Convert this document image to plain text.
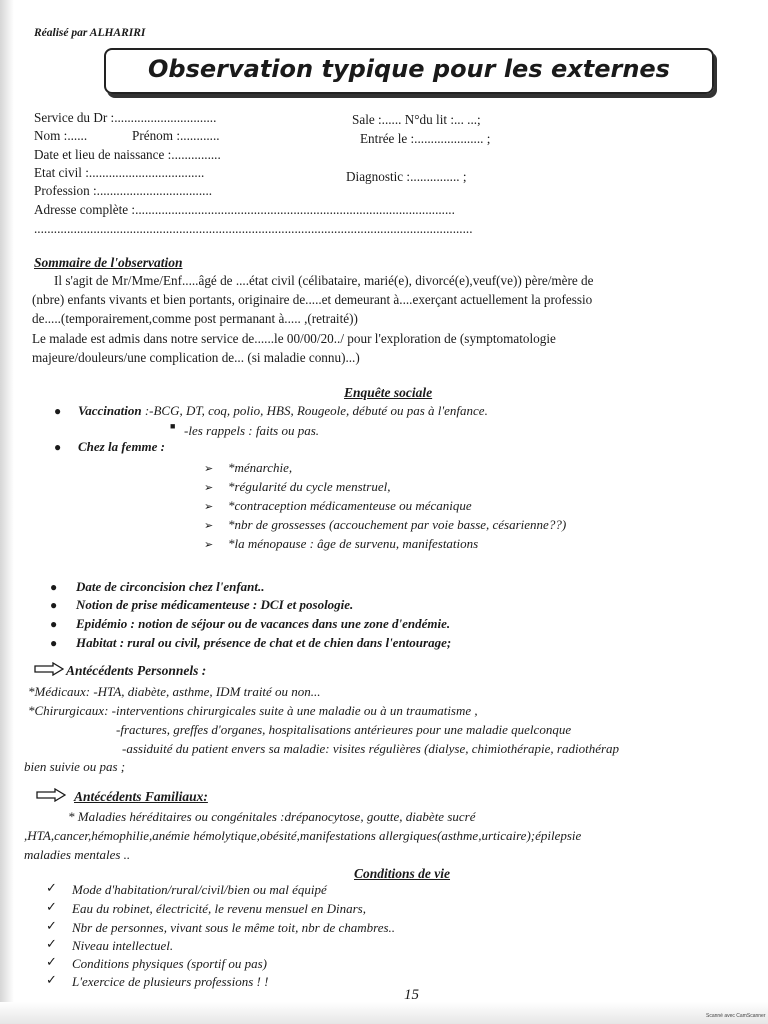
Réalisé par ALHARIRI
Observation typique pour les externes
Service du Dr :...............................	Sale :...... N°du lit :... ...;
Nom :......	Prénom :............	Entrée le :..................... ;
Date et lieu de naissance :...............
Etat civil :...................................	Diagnostic :............... ;
Profession :...................................
Adresse complète :.................................................................................................
.....................................................................................................................................
Sommaire de l'observation
Il s'agit de Mr/Mme/Enf.....âgé de ....état civil (célibataire, marié(e), divorcé(e),veuf(ve)) père/mère de
(nbre) enfants vivants et bien portants, originaire de.....et demeurant à....exerçant actuellement la professio
de.....(temporairement,comme post permanant à..... ,(retraité))
Le malade est admis dans notre service de......le 00/00/20../ pour l'exploration de (symptomatologie
majeure/douleurs/une complication de... (si maladie connu)...)
Enquête sociale
● Vaccination :-BCG, DT, coq, polio, HBS, Rougeole, débuté ou pas à l'enfance.
■ -les rappels : faits ou pas.
● Chez la femme :
➢ *ménarchie,
➢ *régularité du cycle menstruel,
➢ *contraception médicamenteuse ou mécanique
➢ *nbr de grossesses (accouchement par voie basse, césarienne??)
➢ *la ménopause : âge de survenu, manifestations
● Date de circoncision chez l'enfant..
● Notion de prise médicamenteuse : DCI et posologie.
● Epidémio : notion de séjour ou de vacances dans une zone d'endémie.
● Habitat : rural ou civil, présence de chat et de chien dans l'entourage;
Antécédents Personnels :
*Médicaux: -HTA, diabète, asthme, IDM traité ou non...
*Chirurgicaux: -interventions chirurgicales suite à une maladie ou à un traumatisme ,
-fractures, greffes d'organes, hospitalisations antérieures pour une maladie quelconque
-assiduité du patient envers sa maladie: visites régulières (dialyse, chimiothérapie, radiothérap
bien suivie ou pas ;
Antécédents Familiaux:
* Maladies héréditaires ou congénitales :drépanocytose, goutte, diabète sucré
,HTA,cancer,hémophilie,anémie hémolytique,obésité,manifestations allergiques(asthme,urticaire);épilepsie
maladies mentales ..
Conditions de vie
✓ Mode d'habitation/rural/civil/bien ou mal équipé
✓ Eau du robinet, électricité, le revenu mensuel en Dinars,
✓ Nbr de personnes, vivant sous le même toit, nbr de chambres..
✓ Niveau intellectuel.
✓ Conditions physiques (sportif ou pas)
✓ L'exercice de plusieurs professions ! !
15
Scanné avec CamScanner
